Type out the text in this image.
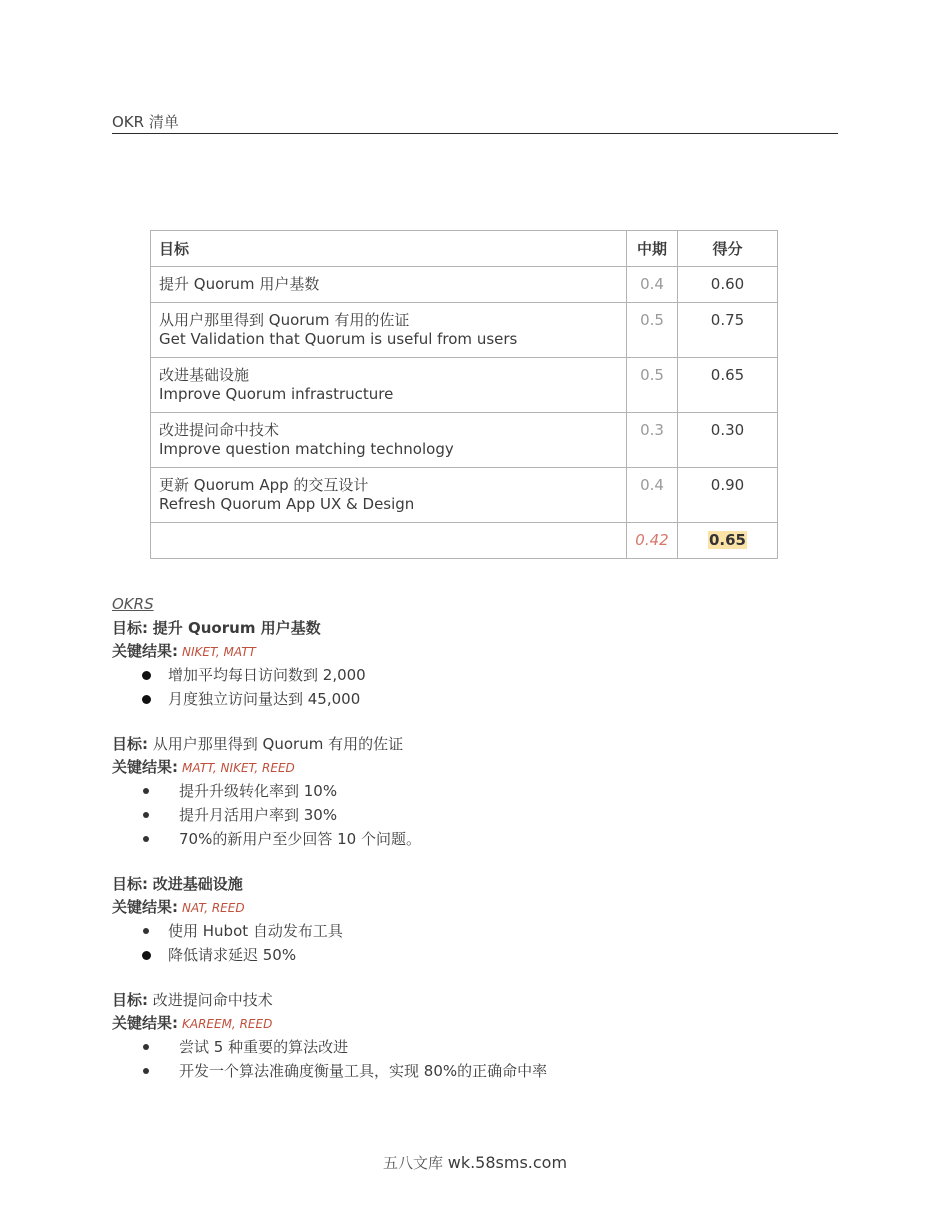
OKR 清单
目标	中期	得分

提升 Quorum 用户基数	0.4	0.60

从用户那里得到 Quorum 有用的佐证
Get Validation that Quorum is useful from users	0.5	0.75

改进基础设施
Improve Quorum infrastructure	0.5	0.65

改进提问命中技术
Improve question matching technology	0.3	0.30

更新 Quorum App 的交互设计
Refresh Quorum App UX & Design	0.4	0.90
	0.42	0.65
OKRS
目标: 提升 Quorum 用户基数
关键结果: NIKET, MATT
增加平均每日访问数到 2,000
月度独立访问量达到 45,000
目标: 从用户那里得到 Quorum 有用的佐证
关键结果: MATT, NIKET, REED
提升升级转化率到 10%
提升月活用户率到 30%
70%的新用户至少回答 10 个问题。
目标: 改进基础设施
关键结果: NAT, REED
使用 Hubot 自动发布工具
降低请求延迟 50%
目标: 改进提问命中技术
关键结果: KAREEM, REED
尝试 5 种重要的算法改进
开发一个算法准确度衡量工具，实现 80%的正确命中率
五八文库 wk.58sms.com
